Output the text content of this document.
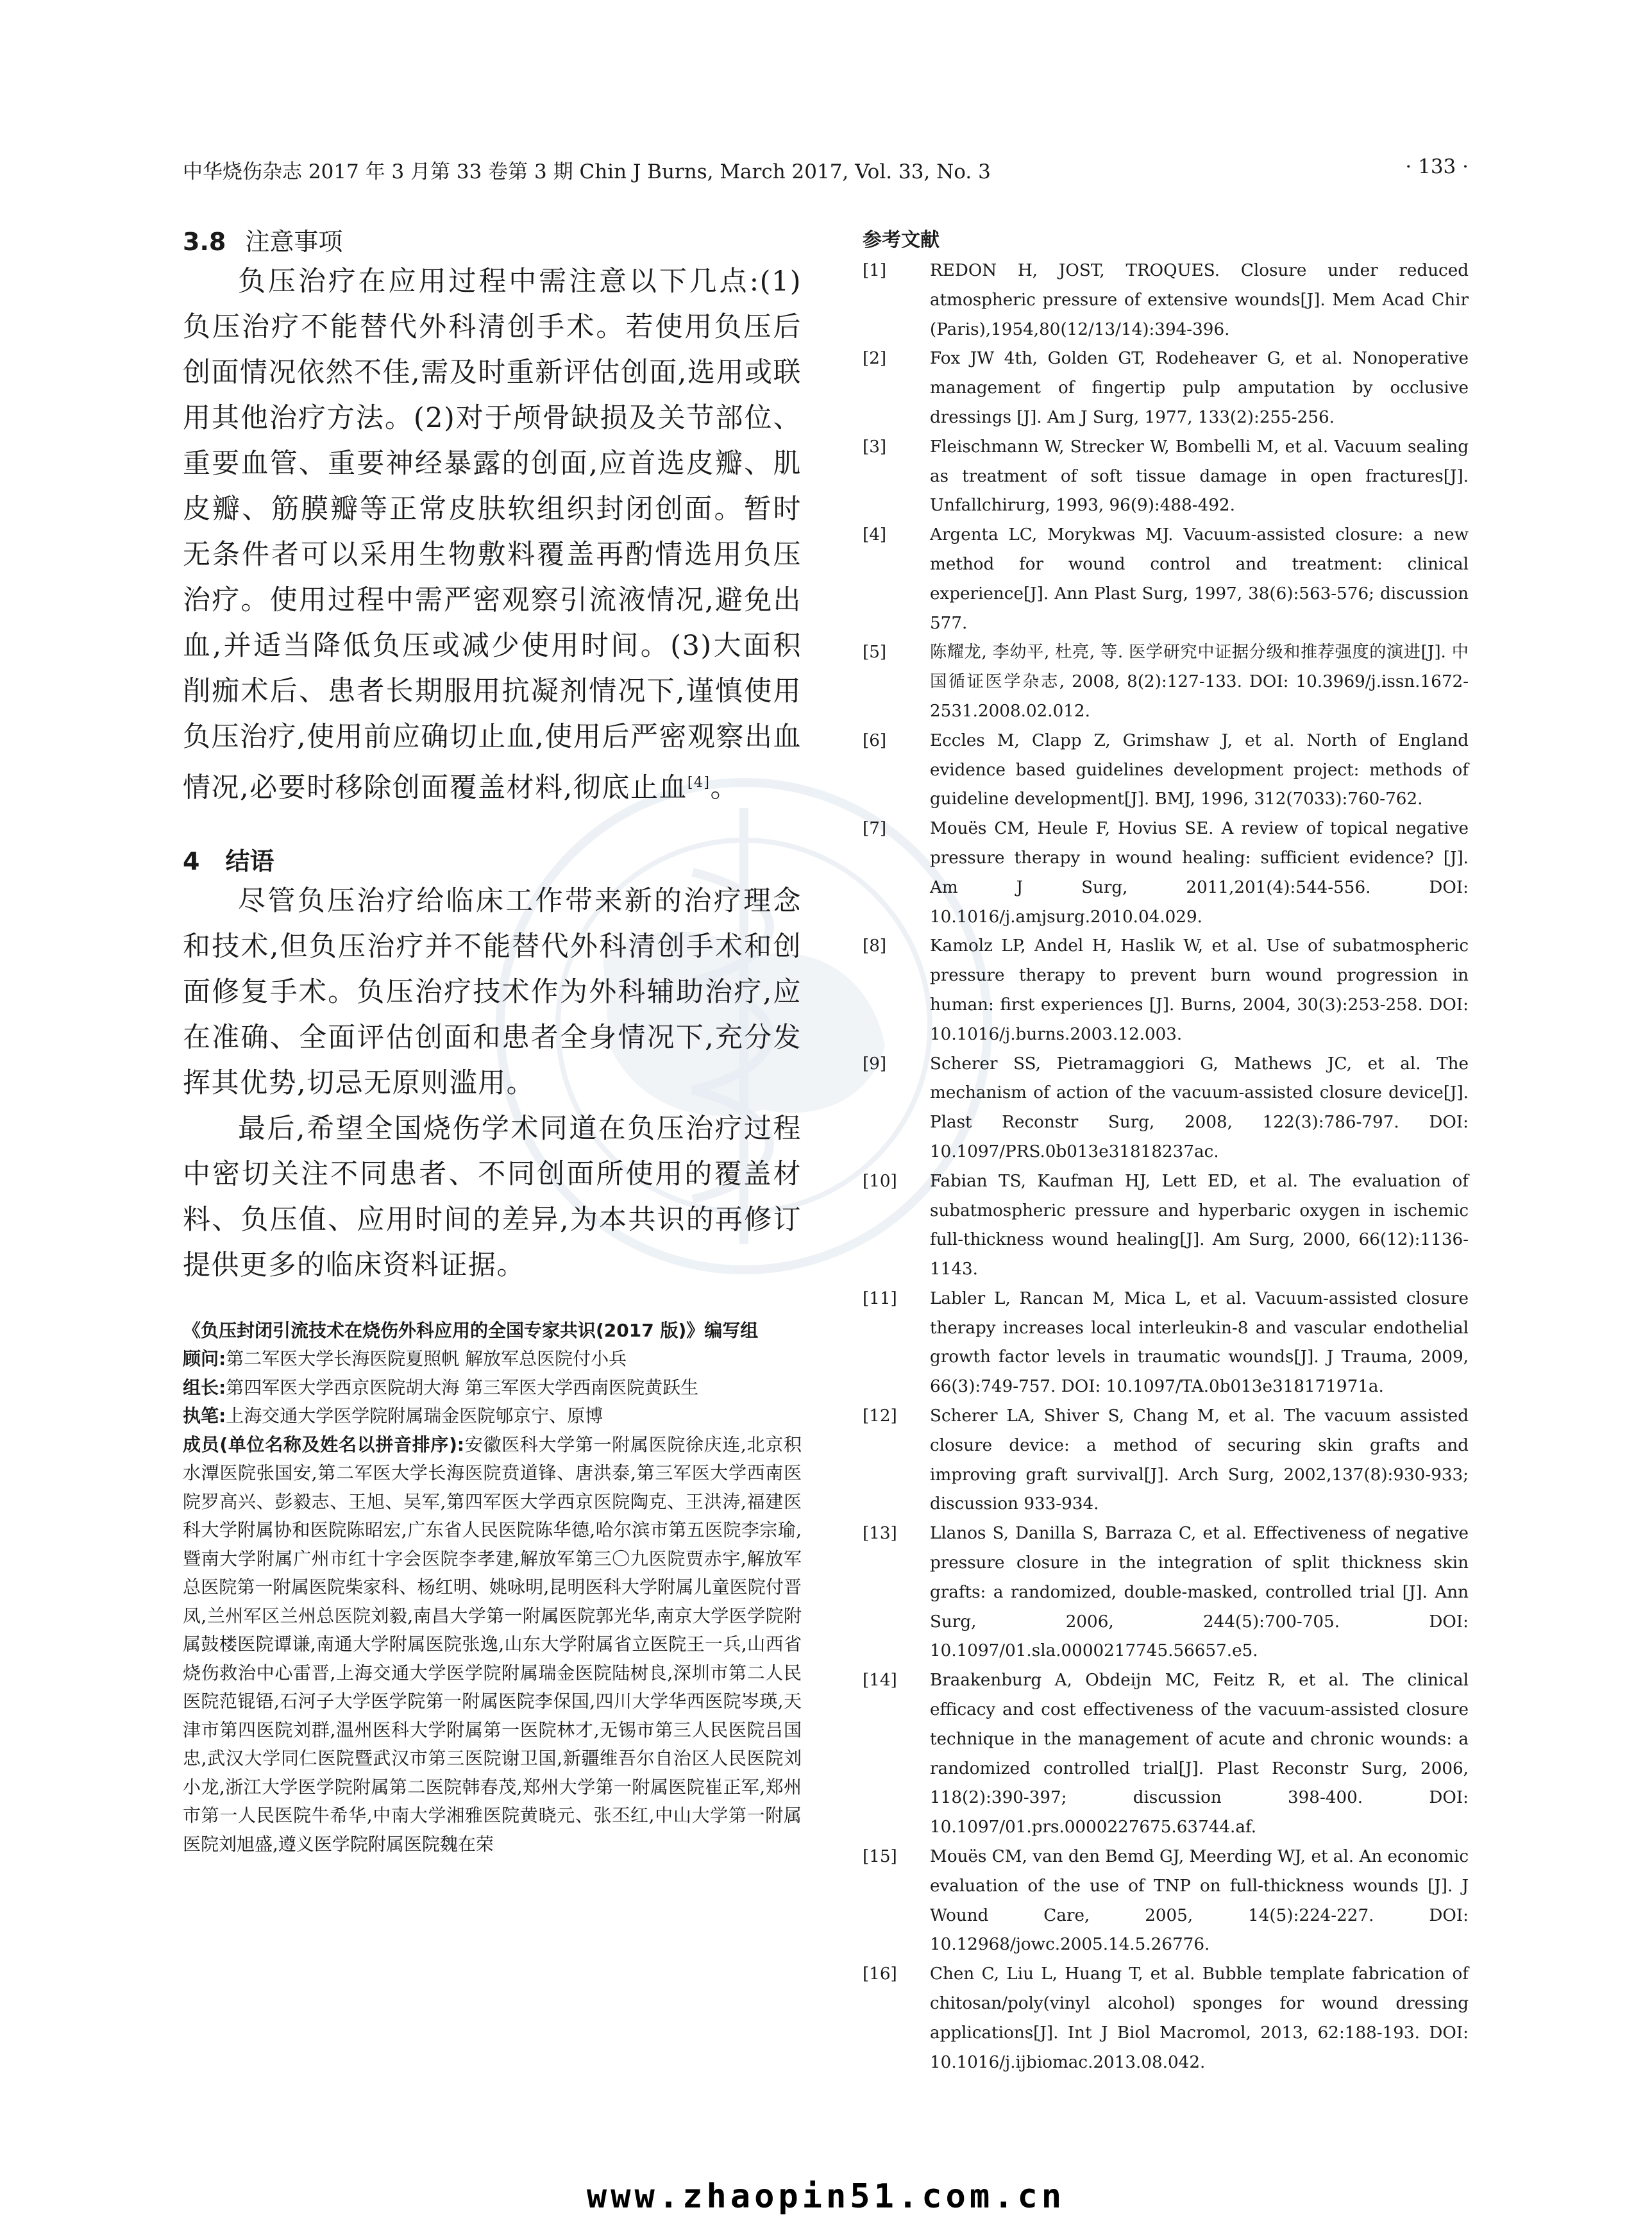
中华烧伤杂志 2017 年 3 月第 33 卷第 3 期 Chin J Burns, March 2017, Vol. 33, No. 3	· 133 ·
3.8 注意事项

负压治疗在应用过程中需注意以下几点:(1)负压治疗不能替代外科清创手术。若使用负压后创面情况依然不佳,需及时重新评估创面,选用或联用其他治疗方法。(2)对于颅骨缺损及关节部位、重要血管、重要神经暴露的创面,应首选皮瓣、肌皮瓣、筋膜瓣等正常皮肤软组织封闭创面。暂时无条件者可以采用生物敷料覆盖再酌情选用负压治疗。使用过程中需严密观察引流液情况,避免出血,并适当降低负压或减少使用时间。(3)大面积削痂术后、患者长期服用抗凝剂情况下,谨慎使用负压治疗,使用前应确切止血,使用后严密观察出血情况,必要时移除创面覆盖材料,彻底止血[4]。

4 结语

尽管负压治疗给临床工作带来新的治疗理念和技术,但负压治疗并不能替代外科清创手术和创面修复手术。负压治疗技术作为外科辅助治疗,应在准确、全面评估创面和患者全身情况下,充分发挥其优势,切忌无原则滥用。

最后,希望全国烧伤学术同道在负压治疗过程中密切关注不同患者、不同创面所使用的覆盖材料、负压值、应用时间的差异,为本共识的再修订提供更多的临床资料证据。

《负压封闭引流技术在烧伤外科应用的全国专家共识(2017 版)》编写组

顾问:第二军医大学长海医院夏照帆 解放军总医院付小兵

组长:第四军医大学西京医院胡大海 第三军医大学西南医院黄跃生

执笔:上海交通大学医学院附属瑞金医院郇京宁、原博

成员(单位名称及姓名以拼音排序):安徽医科大学第一附属医院徐庆连,北京积水潭医院张国安,第二军医大学长海医院贲道锋、唐洪泰,第三军医大学西南医院罗高兴、彭毅志、王旭、吴军,第四军医大学西京医院陶克、王洪涛,福建医科大学附属协和医院陈昭宏,广东省人民医院陈华德,哈尔滨市第五医院李宗瑜,暨南大学附属广州市红十字会医院李孝建,解放军第三〇九医院贾赤宇,解放军总医院第一附属医院柴家科、杨红明、姚咏明,昆明医科大学附属儿童医院付晋凤,兰州军区兰州总医院刘毅,南昌大学第一附属医院郭光华,南京大学医学院附属鼓楼医院谭谦,南通大学附属医院张逸,山东大学附属省立医院王一兵,山西省烧伤救治中心雷晋,上海交通大学医学院附属瑞金医院陆树良,深圳市第二人民医院范锟铻,石河子大学医学院第一附属医院李保国,四川大学华西医院岑瑛,天津市第四医院刘群,温州医科大学附属第一医院林才,无锡市第三人民医院吕国忠,武汉大学同仁医院暨武汉市第三医院谢卫国,新疆维吾尔自治区人民医院刘小龙,浙江大学医学院附属第二医院韩春茂,郑州大学第一附属医院崔正军,郑州市第一人民医院牛希华,中南大学湘雅医院黄晓元、张丕红,中山大学第一附属医院刘旭盛,遵义医学院附属医院魏在荣

参考文献

[1]	REDON H, JOST, TROQUES. Closure under reduced atmospheric pressure of extensive wounds[J]. Mem Acad Chir (Paris),1954,80(12/13/14):394-396.

[2]	Fox JW 4th, Golden GT, Rodeheaver G, et al. Nonoperative management of fingertip pulp amputation by occlusive dressings [J]. Am J Surg, 1977, 133(2):255-256.

[3]	Fleischmann W, Strecker W, Bombelli M, et al. Vacuum sealing as treatment of soft tissue damage in open fractures[J]. Unfallchirurg, 1993, 96(9):488-492.

[4]	Argenta LC, Morykwas MJ. Vacuum-assisted closure: a new method for wound control and treatment: clinical experience[J]. Ann Plast Surg, 1997, 38(6):563-576; discussion 577.

[5]	陈耀龙, 李幼平, 杜亮, 等. 医学研究中证据分级和推荐强度的演进[J]. 中国循证医学杂志, 2008, 8(2):127-133. DOI: 10.3969/j.issn.1672-2531.2008.02.012.

[6]	Eccles M, Clapp Z, Grimshaw J, et al. North of England evidence based guidelines development project: methods of guideline development[J]. BMJ, 1996, 312(7033):760-762.

[7]	Mouës CM, Heule F, Hovius SE. A review of topical negative pressure therapy in wound healing: sufficient evidence? [J]. Am J Surg, 2011,201(4):544-556. DOI: 10.1016/j.amjsurg.2010.04.029.

[8]	Kamolz LP, Andel H, Haslik W, et al. Use of subatmospheric pressure therapy to prevent burn wound progression in human: first experiences [J]. Burns, 2004, 30(3):253-258. DOI: 10.1016/j.burns.2003.12.003.

[9]	Scherer SS, Pietramaggiori G, Mathews JC, et al. The mechanism of action of the vacuum-assisted closure device[J]. Plast Reconstr Surg, 2008, 122(3):786-797. DOI: 10.1097/PRS.0b013e31818237ac.

[10]	Fabian TS, Kaufman HJ, Lett ED, et al. The evaluation of subatmospheric pressure and hyperbaric oxygen in ischemic full-thickness wound healing[J]. Am Surg, 2000, 66(12):1136-1143.

[11]	Labler L, Rancan M, Mica L, et al. Vacuum-assisted closure therapy increases local interleukin-8 and vascular endothelial growth factor levels in traumatic wounds[J]. J Trauma, 2009, 66(3):749-757. DOI: 10.1097/TA.0b013e318171971a.

[12]	Scherer LA, Shiver S, Chang M, et al. The vacuum assisted closure device: a method of securing skin grafts and improving graft survival[J]. Arch Surg, 2002,137(8):930-933; discussion 933-934.

[13]	Llanos S, Danilla S, Barraza C, et al. Effectiveness of negative pressure closure in the integration of split thickness skin grafts: a randomized, double-masked, controlled trial [J]. Ann Surg, 2006, 244(5):700-705. DOI: 10.1097/01.sla.0000217745.56657.e5.

[14]	Braakenburg A, Obdeijn MC, Feitz R, et al. The clinical efficacy and cost effectiveness of the vacuum-assisted closure technique in the management of acute and chronic wounds: a randomized controlled trial[J]. Plast Reconstr Surg, 2006, 118(2):390-397; discussion 398-400. DOI: 10.1097/01.prs.0000227675.63744.af.

[15]	Mouës CM, van den Bemd GJ, Meerding WJ, et al. An economic evaluation of the use of TNP on full-thickness wounds [J]. J Wound Care, 2005, 14(5):224-227. DOI: 10.12968/jowc.2005.14.5.26776.

[16]	Chen C, Liu L, Huang T, et al. Bubble template fabrication of chitosan/poly(vinyl alcohol) sponges for wound dressing applications[J]. Int J Biol Macromol, 2013, 62:188-193. DOI: 10.1016/j.ijbiomac.2013.08.042.

www.zhaopin51.com.cn
